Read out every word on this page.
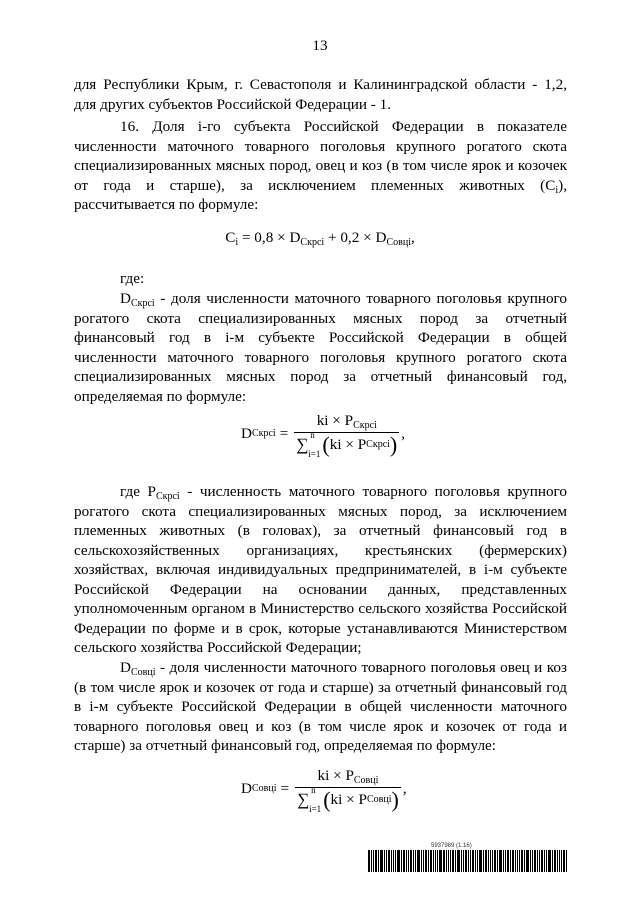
13
для Республики Крым, г. Севастополя и Калининградской области - 1,2,
для других субъектов Российской Федерации - 1.
16. Доля i-го субъекта Российской Федерации в показателе численности маточного товарного поголовья крупного рогатого скота специализированных мясных пород, овец и коз (в том числе ярок и козочек от года и старше), за исключением племенных животных $(C_i)$, рассчитывается по формуле:
$C_i = 0,8 \times D_{Скрсi} + 0,2 \times D_{Совцi}$,
где:
$D_{Скрсi}$ - доля численности маточного товарного поголовья крупного рогатого скота специализированных мясных пород за отчетный финансовый год в i-м субъекте Российской Федерации в общей численности маточного товарного поголовья крупного рогатого скота специализированных мясных пород за отчетный финансовый год, определяемая по формуле:
D Скрсi = ki × $P_{Скрсi}$
∑ n
i=1 ( ki × P Скрсi ) ,
где $P_{Скрсi}$ - численность маточного товарного поголовья крупного рогатого скота специализированных мясных пород, за исключением племенных животных (в головах), за отчетный финансовый год в сельскохозяйственных организациях, крестьянских (фермерских) хозяйствах, включая индивидуальных предпринимателей, в i-м субъекте Российской Федерации на основании данных, представленных уполномоченным органом в Министерство сельского хозяйства Российской Федерации по форме и в срок, которые устанавливаются Министерством сельского хозяйства Российской Федерации;
$D_{Совцi}$ - доля численности маточного товарного поголовья овец и коз (в том числе ярок и козочек от года и старше) за отчетный финансовый год в i-м субъекте Российской Федерации в общей численности маточного товарного поголовья овец и коз (в том числе ярок и козочек от года и старше) за отчетный финансовый год, определяемая по формуле:
D Совцi = ki × $P_{Совцi}$
∑ n
i=1 ( ki × P Совцi ) ,
5937989 (1.16)
